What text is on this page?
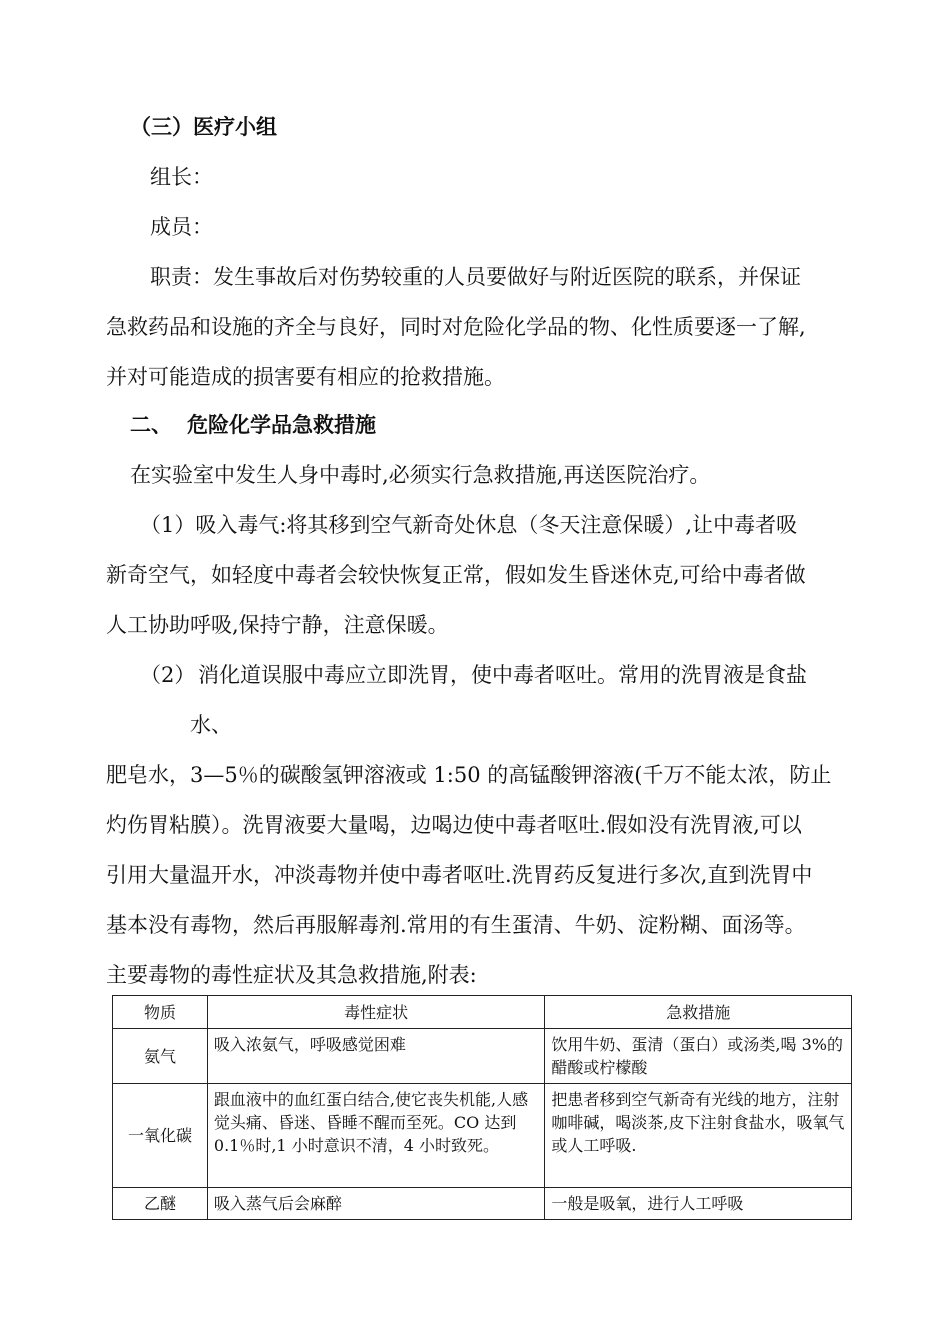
（三）医疗小组
组长：
成员：
职责：发生事故后对伤势较重的人员要做好与附近医院的联系，并保证
急救药品和设施的齐全与良好，同时对危险化学品的物、化性质要逐一了解,
并对可能造成的损害要有相应的抢救措施。
二、 危险化学品急救措施
在实验室中发生人身中毒时,必须实行急救措施,再送医院治疗。
（1）吸入毒气:将其移到空气新奇处休息（冬天注意保暖）,让中毒者吸
新奇空气，如轻度中毒者会较快恢复正常，假如发生昏迷休克,可给中毒者做
人工协助呼吸,保持宁静，注意保暖。
（2） 消化道误服中毒应立即洗胃，使中毒者呕吐。常用的洗胃液是食盐
水、
肥皂水，3—5％的碳酸氢钾溶液或 1:50 的高锰酸钾溶液(千万不能太浓，防止
灼伤胃粘膜）。洗胃液要大量喝，边喝边使中毒者呕吐.假如没有洗胃液,可以
引用大量温开水，冲淡毒物并使中毒者呕吐.洗胃药反复进行多次,直到洗胃中
基本没有毒物，然后再服解毒剂.常用的有生蛋清、牛奶、淀粉糊、面汤等。
主要毒物的毒性症状及其急救措施,附表:
物质	毒性症状	急救措施
氨气	吸入浓氨气，呼吸感觉困难	饮用牛奶、蛋清（蛋白）或汤类,喝 3%的醋酸或柠檬酸
一氧化碳	跟血液中的血红蛋白结合,使它丧失机能,人感觉头痛、昏迷、昏睡不醒而至死。CO 达到 0.1％时,1 小时意识不清，4 小时致死。	把患者移到空气新奇有光线的地方，注射咖啡碱，喝淡茶,皮下注射食盐水，吸氧气或人工呼吸.
乙醚	吸入蒸气后会麻醉	一般是吸氧，进行人工呼吸
